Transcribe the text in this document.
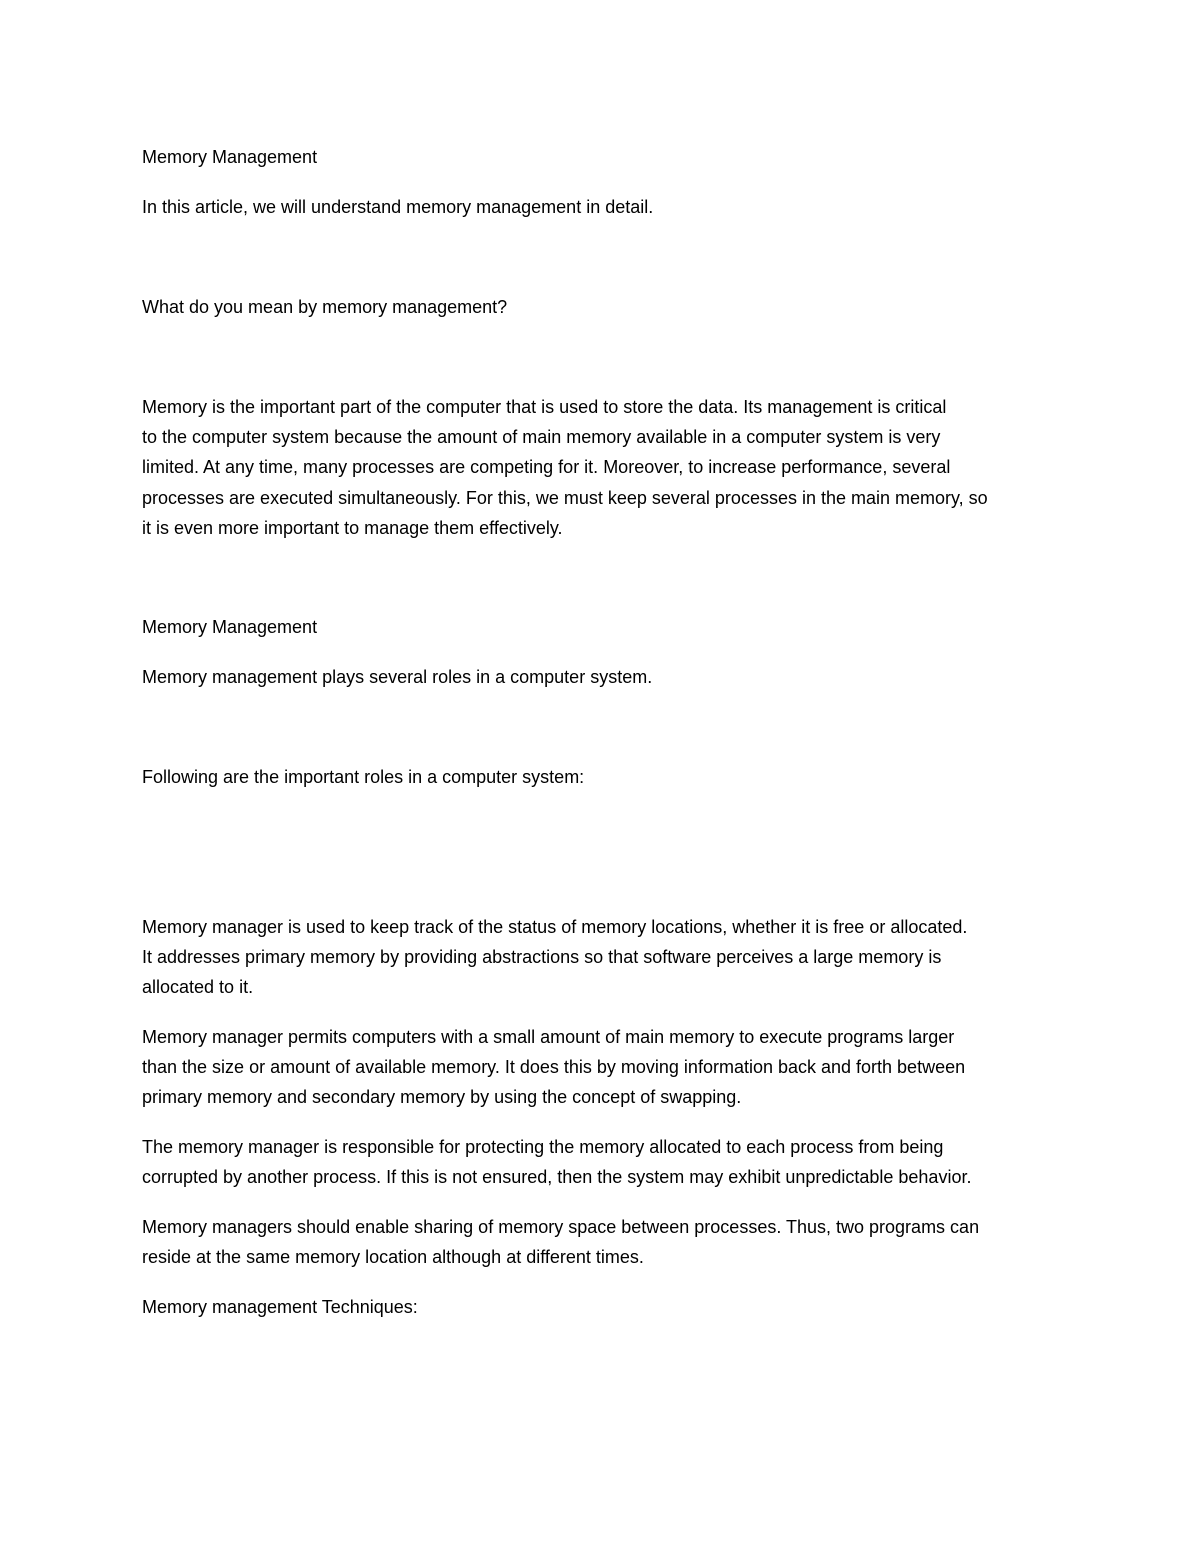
Memory Management

In this article, we will understand memory management in detail.

What do you mean by memory management?

Memory is the important part of the computer that is used to store the data. Its management is critical
to the computer system because the amount of main memory available in a computer system is very
limited. At any time, many processes are competing for it. Moreover, to increase performance, several
processes are executed simultaneously. For this, we must keep several processes in the main memory, so
it is even more important to manage them effectively.

Memory Management

Memory management plays several roles in a computer system.

Following are the important roles in a computer system:

Memory manager is used to keep track of the status of memory locations, whether it is free or allocated.
It addresses primary memory by providing abstractions so that software perceives a large memory is
allocated to it.

Memory manager permits computers with a small amount of main memory to execute programs larger
than the size or amount of available memory. It does this by moving information back and forth between
primary memory and secondary memory by using the concept of swapping.

The memory manager is responsible for protecting the memory allocated to each process from being
corrupted by another process. If this is not ensured, then the system may exhibit unpredictable behavior.

Memory managers should enable sharing of memory space between processes. Thus, two programs can
reside at the same memory location although at different times.

Memory management Techniques:
